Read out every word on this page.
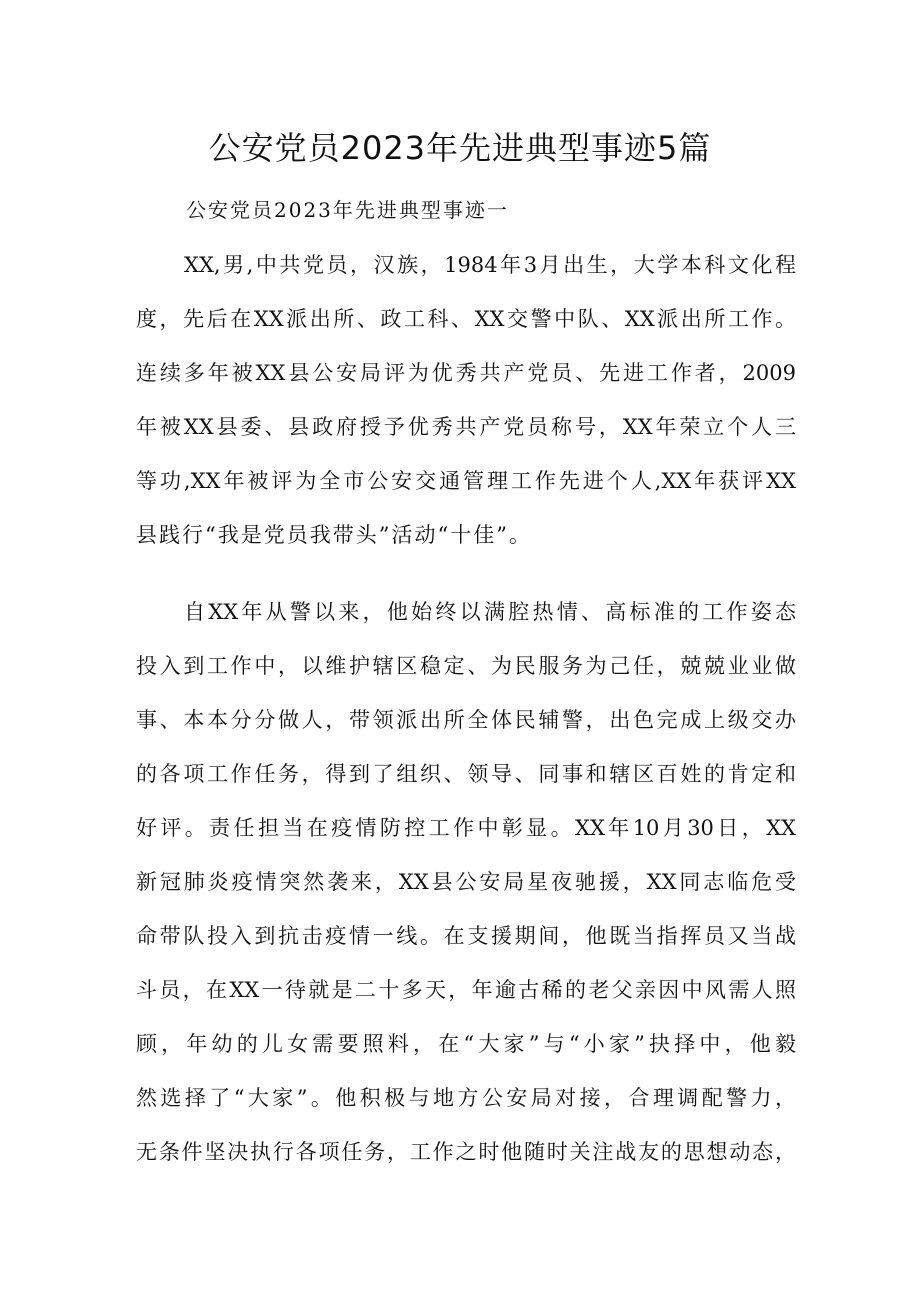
公安党员2023年先进典型事迹5篇

公安党员2023年先进典型事迹一

XX,男,中共党员，汉族，1984年3月出生，大学本科文化程
度，先后在XX派出所、政工科、XX交警中队、XX派出所工作。
连续多年被XX县公安局评为优秀共产党员、先进工作者，2009
年被XX县委、县政府授予优秀共产党员称号，XX年荣立个人三
等功,XX年被评为全市公安交通管理工作先进个人,XX年获评XX
县践行“我是党员我带头”活动“十佳”。
自XX年从警以来，他始终以满腔热情、高标准的工作姿态
投入到工作中，以维护辖区稳定、为民服务为己任，兢兢业业做
事、本本分分做人，带领派出所全体民辅警，出色完成上级交办
的各项工作任务，得到了组织、领导、同事和辖区百姓的肯定和
好评。责任担当在疫情防控工作中彰显。XX年10月30日，XX
新冠肺炎疫情突然袭来，XX县公安局星夜驰援，XX同志临危受
命带队投入到抗击疫情一线。在支援期间，他既当指挥员又当战
斗员，在XX一待就是二十多天，年逾古稀的老父亲因中风需人照
顾，年幼的儿女需要照料，在“大家”与“小家”抉择中，他毅
然选择了“大家”。他积极与地方公安局对接，合理调配警力，
无条件坚决执行各项任务，工作之时他随时关注战友的思想动态，
